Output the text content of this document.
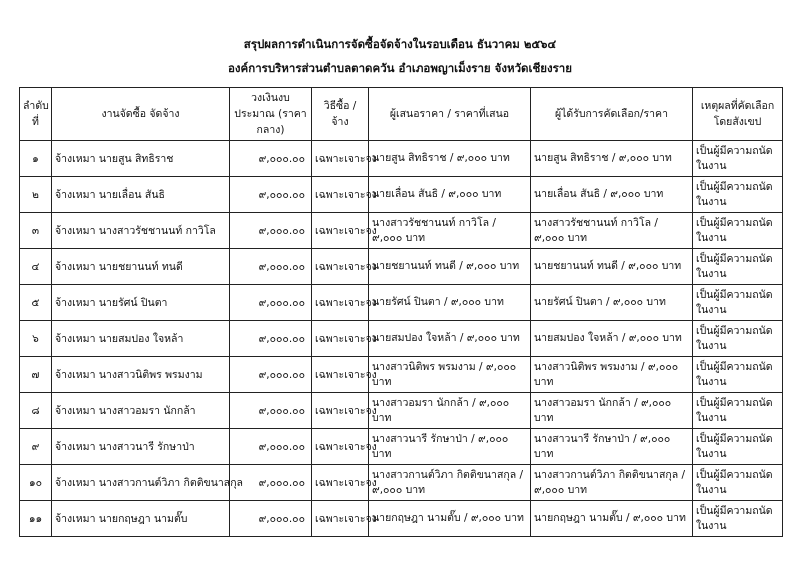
สรุปผลการดำเนินการจัดซื้อจัดจ้างในรอบเดือน ธันวาคม ๒๕๖๔
องค์การบริหารส่วนตำบลตาดควัน อำเภอพญาเม็งราย จังหวัดเชียงราย
ลำดับที่	งานจัดซื้อ จัดจ้าง	วงเงินงบประมาณ (ราคากลาง)	วิธีซื้อ / จ้าง	ผู้เสนอราคา / ราคาที่เสนอ	ผู้ได้รับการคัดเลือก/ราคา	เหตุผลที่คัดเลือกโดยสังเขป
๑	จ้างเหมา นายสูน สิทธิราช	๙,๐๐๐.๐๐	เฉพาะเจาะจง	นายสูน สิทธิราช / ๙,๐๐๐ บาท	นายสูน สิทธิราช / ๙,๐๐๐ บาท	เป็นผู้มีความถนัดในงาน
๒	จ้างเหมา นายเลื่อน สันธิ	๙,๐๐๐.๐๐	เฉพาะเจาะจง	นายเลื่อน สันธิ / ๙,๐๐๐ บาท	นายเลื่อน สันธิ / ๙,๐๐๐ บาท	เป็นผู้มีความถนัดในงาน
๓	จ้างเหมา นางสาวรัชชานนท์ กาวิโล	๙,๐๐๐.๐๐	เฉพาะเจาะจง	นางสาวรัชชานนท์ กาวิโล / ๙,๐๐๐ บาท	นางสาวรัชชานนท์ กาวิโล / ๙,๐๐๐ บาท	เป็นผู้มีความถนัดในงาน
๔	จ้างเหมา นายชยานนท์ ทนดี	๙,๐๐๐.๐๐	เฉพาะเจาะจง	นายชยานนท์ ทนดี / ๙,๐๐๐ บาท	นายชยานนท์ ทนดี / ๙,๐๐๐ บาท	เป็นผู้มีความถนัดในงาน
๕	จ้างเหมา นายรัศน์ ปินตา	๙,๐๐๐.๐๐	เฉพาะเจาะจง	นายรัศน์ ปินตา / ๙,๐๐๐ บาท	นายรัศน์ ปินตา / ๙,๐๐๐ บาท	เป็นผู้มีความถนัดในงาน
๖	จ้างเหมา นายสมปอง ใจหล้า	๙,๐๐๐.๐๐	เฉพาะเจาะจง	นายสมปอง ใจหล้า / ๙,๐๐๐ บาท	นายสมปอง ใจหล้า / ๙,๐๐๐ บาท	เป็นผู้มีความถนัดในงาน
๗	จ้างเหมา นางสาวนิติพร พรมงาม	๙,๐๐๐.๐๐	เฉพาะเจาะจง	นางสาวนิติพร พรมงาม / ๙,๐๐๐ บาท	นางสาวนิติพร พรมงาม / ๙,๐๐๐ บาท	เป็นผู้มีความถนัดในงาน
๘	จ้างเหมา นางสาวอมรา นักกล้า	๙,๐๐๐.๐๐	เฉพาะเจาะจง	นางสาวอมรา นักกล้า / ๙,๐๐๐ บาท	นางสาวอมรา นักกล้า / ๙,๐๐๐ บาท	เป็นผู้มีความถนัดในงาน
๙	จ้างเหมา นางสาวนารี รักษาป่า	๙,๐๐๐.๐๐	เฉพาะเจาะจง	นางสาวนารี รักษาป่า / ๙,๐๐๐ บาท	นางสาวนารี รักษาป่า / ๙,๐๐๐ บาท	เป็นผู้มีความถนัดในงาน
๑๐	จ้างเหมา นางสาวกานต์วิภา กิตติขนาสกุล	๙,๐๐๐.๐๐	เฉพาะเจาะจง	นางสาวกานต์วิภา กิตติขนาสกุล / ๙,๐๐๐ บาท	นางสาวกานต์วิภา กิตติขนาสกุล / ๙,๐๐๐ บาท	เป็นผู้มีความถนัดในงาน
๑๑	จ้างเหมา นายกฤษฎา นามตั๊บ	๙,๐๐๐.๐๐	เฉพาะเจาะจง	นายกฤษฎา นามตั๊บ / ๙,๐๐๐ บาท	นายกฤษฎา นามตั๊บ / ๙,๐๐๐ บาท	เป็นผู้มีความถนัดในงาน
